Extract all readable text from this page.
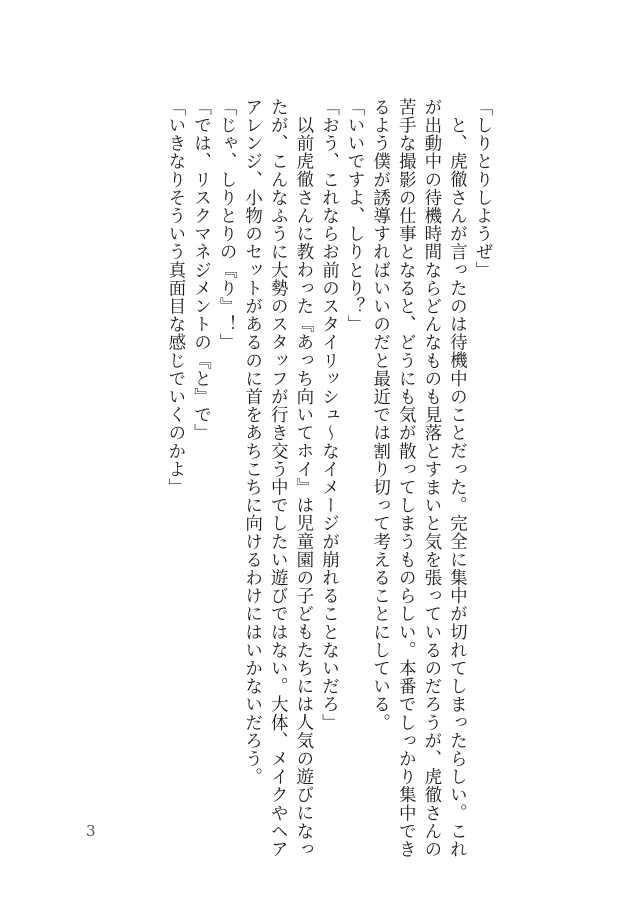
「しりとりしようぜ」

と、虎徹さんが言ったのは待機中のことだった。完全に集中が切れてしまったらしい。これ

が出動中の待機時間ならどんなものも見落とすまいと気を張っているのだろうが、虎徹さんの

苦手な撮影の仕事となると、どうにも気が散ってしまうものらしい。本番でしっかり集中でき

るよう僕が誘導すればいいのだと最近では割り切って考えることにしている。

「いいですよ、しりとり？」

「おう、これならお前のスタイリッシュ～なイメージが崩れることないだろ」

以前虎徹さんに教わった『あっち向いてホイ』は児童園の子どもたちには人気の遊びになっ

たが、こんなふうに大勢のスタッフが行き交う中でしたい遊びではない。大体、メイクやヘア

アレンジ、小物のセットがあるのに首をあちこちに向けるわけにはいかないだろう。

「じゃ、しりとりの『り』！」

「では、リスクマネジメントの『と』で」

「いきなりそういう真面目な感じでいくのかよ」

3
